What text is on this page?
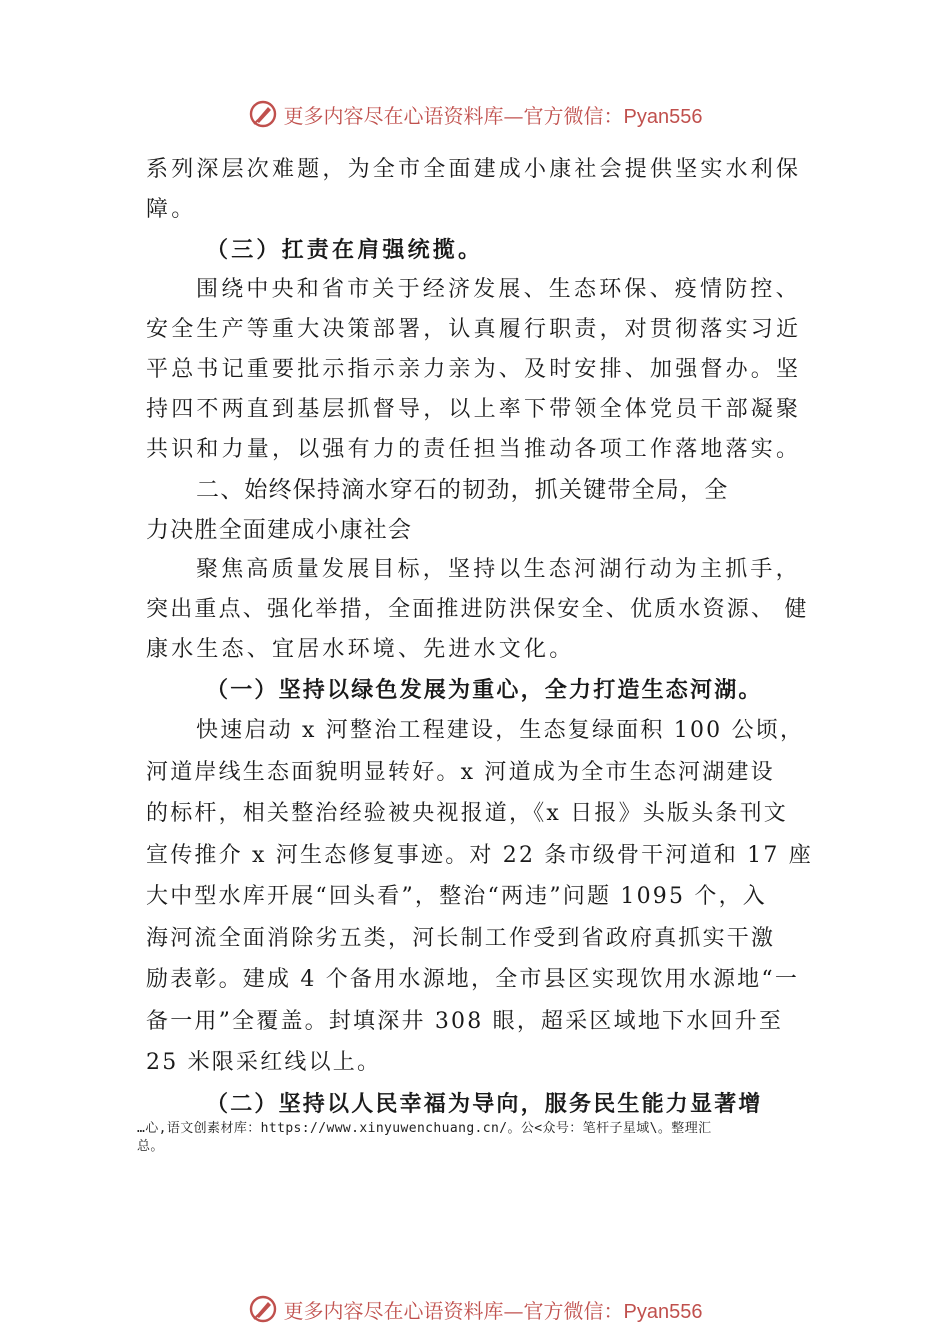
更多内容尽在心语资料库—官方微信：Pyan556
系列深层次难题，为全市全面建成小康社会提供坚实水利保
障。
（三）扛责在肩强统揽。
围绕中央和省市关于经济发展、生态环保、疫情防控、
安全生产等重大决策部署，认真履行职责，对贯彻落实习近
平总书记重要批示指示亲力亲为、及时安排、加强督办。坚
持四不两直到基层抓督导，以上率下带领全体党员干部凝聚
共识和力量，以强有力的责任担当推动各项工作落地落实。
二、始终保持滴水穿石的韧劲，抓关键带全局，全
力决胜全面建成小康社会
聚焦高质量发展目标，坚持以生态河湖行动为主抓手，
突出重点、强化举措，全面推进防洪保安全、优质水资源、 健
康水生态、宜居水环境、先进水文化。
（一）坚持以绿色发展为重心，全力打造生态河湖。
快速启动 x 河整治工程建设，生态复绿面积 100 公顷，
河道岸线生态面貌明显转好。x 河道成为全市生态河湖建设
的标杆，相关整治经验被央视报道，《x 日报》头版头条刊文
宣传推介 x 河生态修复事迹。对 22 条市级骨干河道和 17 座
大中型水库开展“回头看”，整治“两违”问题 1095 个，入
海河流全面消除劣五类，河长制工作受到省政府真抓实干激
励表彰。建成 4 个备用水源地，全市县区实现饮用水源地“一
备一用”全覆盖。封填深井 308 眼，超采区域地下水回升至
25 米限采红线以上。
（二）坚持以人民幸福为导向，服务民生能力显著增
…心,语文创素材库：https://www.xinyuwenchuang.cn/。公<众号：笔杆子星域\。整理汇
总。
更多内容尽在心语资料库—官方微信：Pyan556
